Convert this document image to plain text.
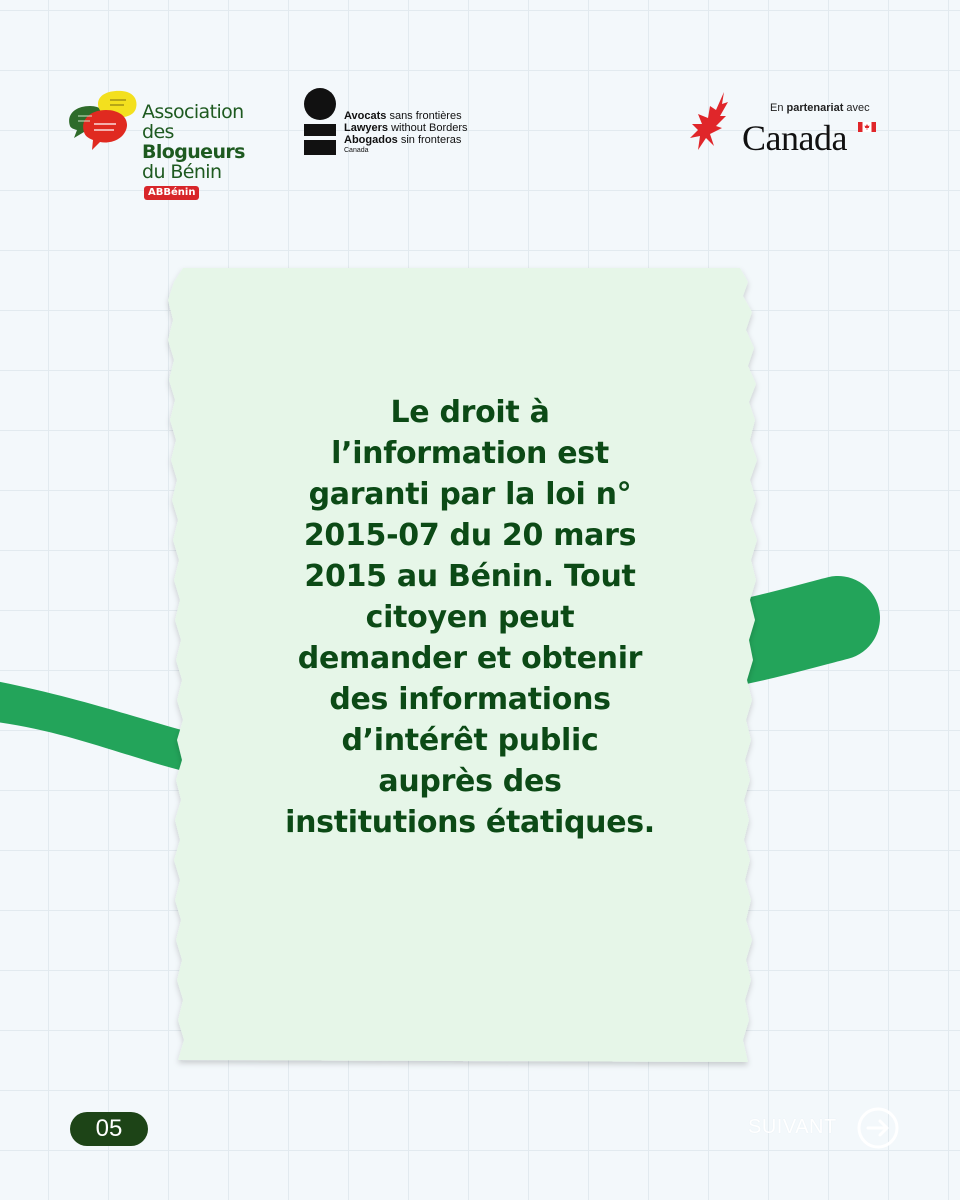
Association
des Blogueurs
du BéninABBénin
Avocats sans frontières
Lawyers without Borders
Abogados sin fronteras
Canada
En partenariat avec
Canada
Le droit à
l’information est
garanti par la loi n°
2015-07 du 20 mars
2015 au Bénin. Tout
citoyen peut
demander et obtenir
des informations
d’intérêt public
auprès des
institutions étatiques.
05	SUIVANT
